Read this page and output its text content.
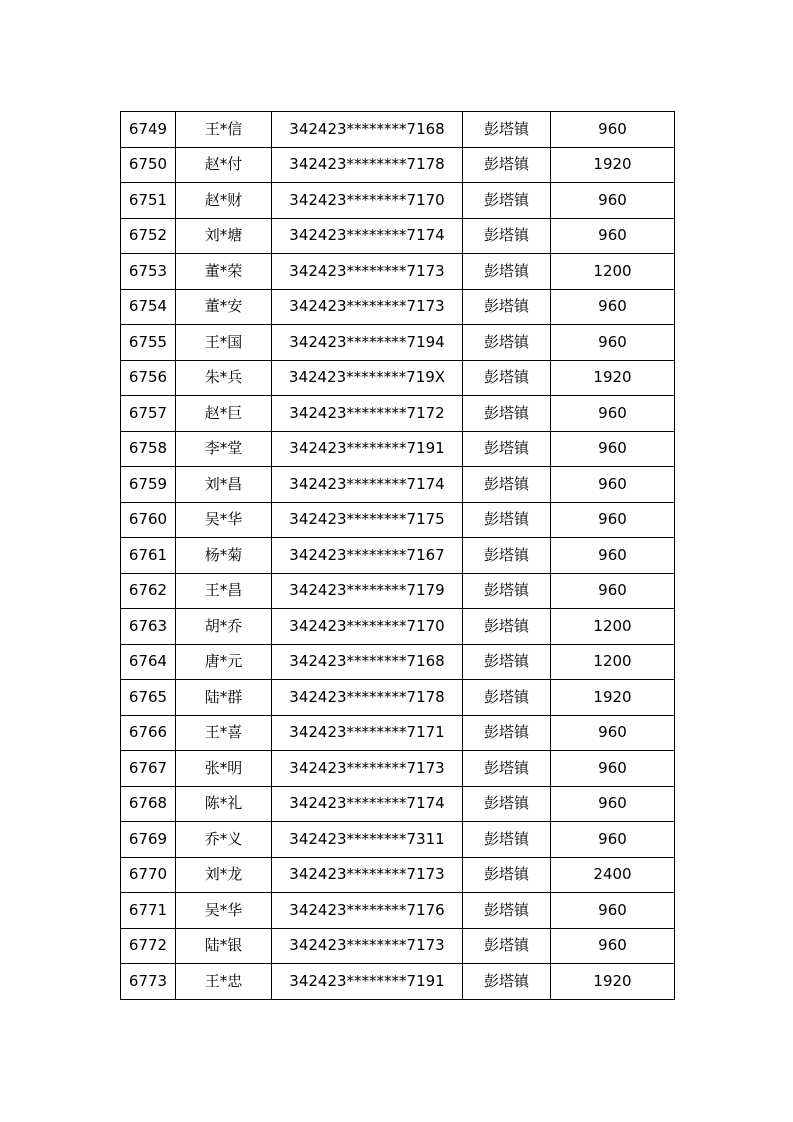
6749	王*信	342423********7168	彭塔镇	960
6750	赵*付	342423********7178	彭塔镇	1920
6751	赵*财	342423********7170	彭塔镇	960
6752	刘*塘	342423********7174	彭塔镇	960
6753	董*荣	342423********7173	彭塔镇	1200
6754	董*安	342423********7173	彭塔镇	960
6755	王*国	342423********7194	彭塔镇	960
6756	朱*兵	342423********719X	彭塔镇	1920
6757	赵*巨	342423********7172	彭塔镇	960
6758	李*堂	342423********7191	彭塔镇	960
6759	刘*昌	342423********7174	彭塔镇	960
6760	吴*华	342423********7175	彭塔镇	960
6761	杨*菊	342423********7167	彭塔镇	960
6762	王*昌	342423********7179	彭塔镇	960
6763	胡*乔	342423********7170	彭塔镇	1200
6764	唐*元	342423********7168	彭塔镇	1200
6765	陆*群	342423********7178	彭塔镇	1920
6766	王*喜	342423********7171	彭塔镇	960
6767	张*明	342423********7173	彭塔镇	960
6768	陈*礼	342423********7174	彭塔镇	960
6769	乔*义	342423********7311	彭塔镇	960
6770	刘*龙	342423********7173	彭塔镇	2400
6771	吴*华	342423********7176	彭塔镇	960
6772	陆*银	342423********7173	彭塔镇	960
6773	王*忠	342423********7191	彭塔镇	1920
